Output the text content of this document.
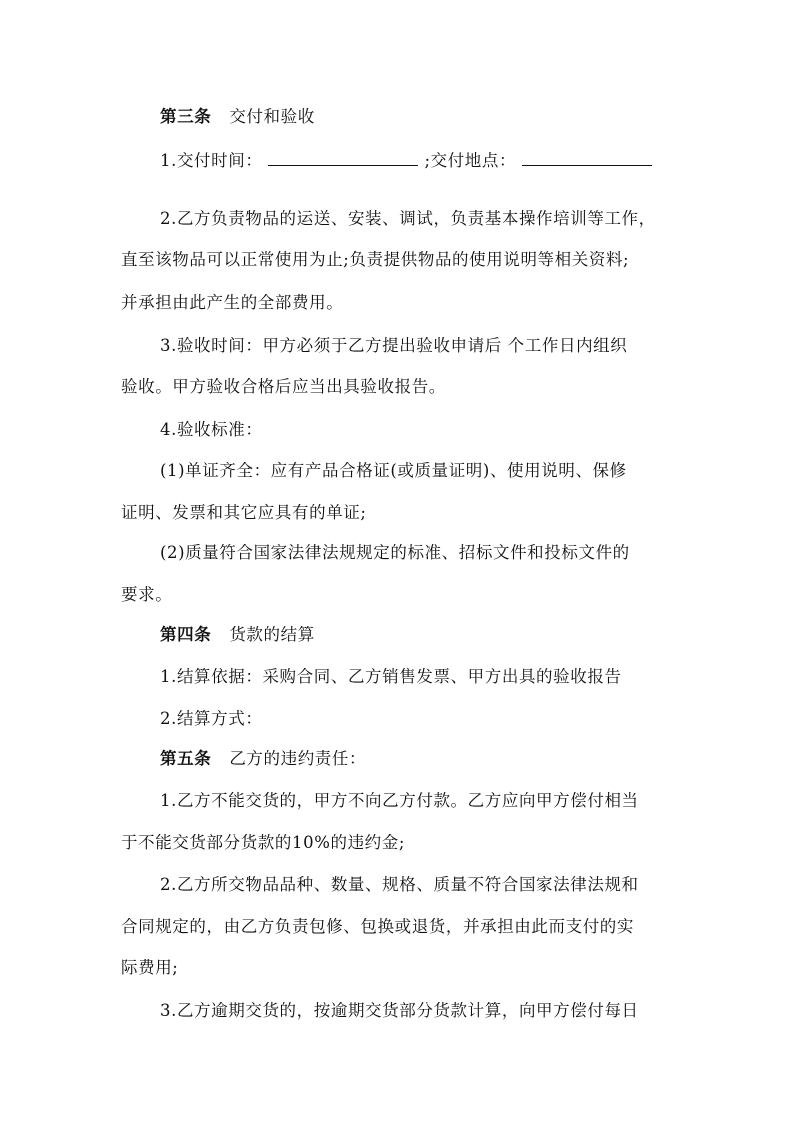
第三条 交付和验收
1.交付时间：	;交付地点：
2.乙方负责物品的运送、安装、调试，负责基本操作培训等工作，
直至该物品可以正常使用为止;负责提供物品的使用说明等相关资料;
并承担由此产生的全部费用。
3.验收时间：甲方必须于乙方提出验收申请后 个工作日内组织
验收。甲方验收合格后应当出具验收报告。
4.验收标准：
(1)单证齐全：应有产品合格证(或质量证明)、使用说明、保修
证明、发票和其它应具有的单证;
(2)质量符合国家法律法规规定的标准、招标文件和投标文件的
要求。
第四条 货款的结算
1.结算依据：采购合同、乙方销售发票、甲方出具的验收报告
2.结算方式：
第五条 乙方的违约责任：
1.乙方不能交货的，甲方不向乙方付款。乙方应向甲方偿付相当
于不能交货部分货款的10%的违约金;
2.乙方所交物品品种、数量、规格、质量不符合国家法律法规和
合同规定的，由乙方负责包修、包换或退货，并承担由此而支付的实
际费用;
3.乙方逾期交货的，按逾期交货部分货款计算，向甲方偿付每日
